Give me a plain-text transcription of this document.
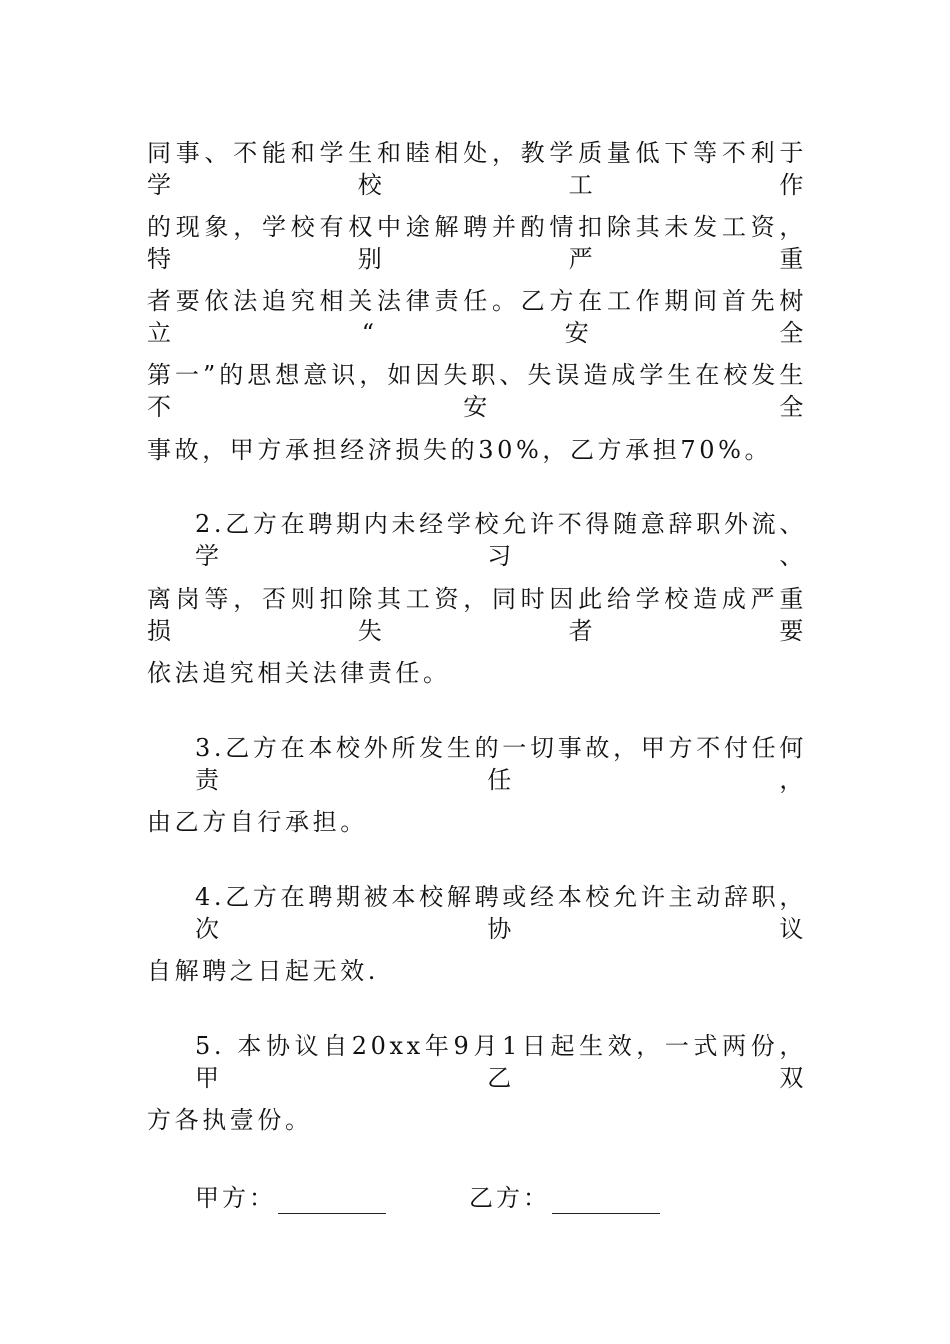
同事、不能和学生和睦相处，教学质量低下等不利于学校工作
的现象，学校有权中途解聘并酌情扣除其未发工资，特别严重
者要依法追究相关法律责任。乙方在工作期间首先树立“安全
第一”的思想意识，如因失职、失误造成学生在校发生不安全
事故，甲方承担经济损失的30%，乙方承担70%。
2.乙方在聘期内未经学校允许不得随意辞职外流、学习、
离岗等，否则扣除其工资，同时因此给学校造成严重损失者要
依法追究相关法律责任。
3.乙方在本校外所发生的一切事故，甲方不付任何责任，
由乙方自行承担。
4.乙方在聘期被本校解聘或经本校允许主动辞职，次协议
自解聘之日起无效.
5. 本协议自20xx年9月1日起生效，一式两份，甲乙双
方各执壹份。
甲方：	乙方：
